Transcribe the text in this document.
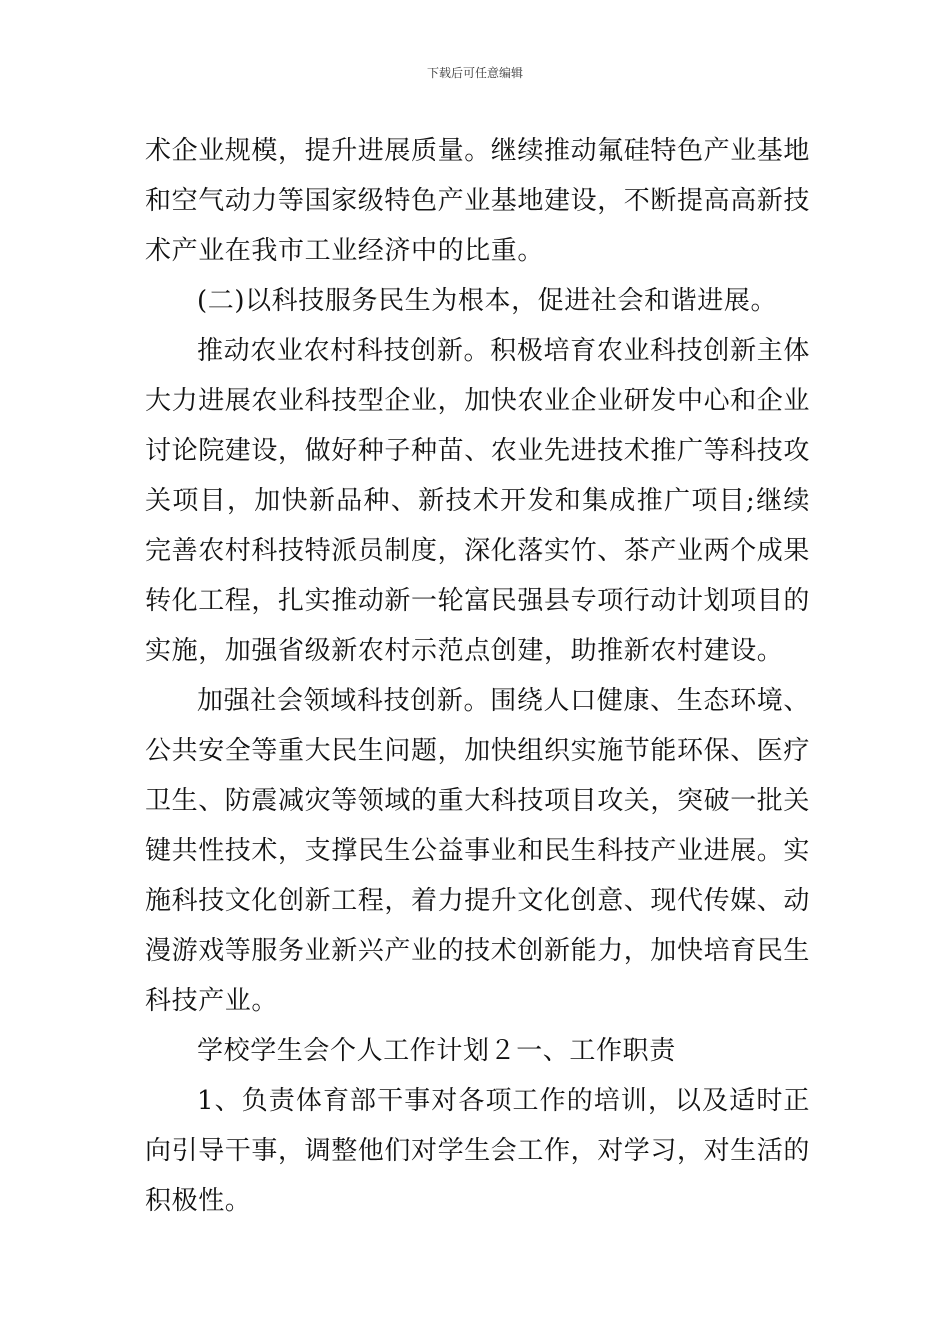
下载后可任意编辑

术企业规模，提升进展质量。继续推动氟硅特色产业基地和空气动力等国家级特色产业基地建设，不断提高高新技术产业在我市工业经济中的比重。

(二)以科技服务民生为根本，促进社会和谐进展。

推动农业农村科技创新。积极培育农业科技创新主体大力进展农业科技型企业，加快农业企业研发中心和企业讨论院建设，做好种子种苗、农业先进技术推广等科技攻关项目，加快新品种、新技术开发和集成推广项目;继续完善农村科技特派员制度，深化落实竹、茶产业两个成果转化工程，扎实推动新一轮富民强县专项行动计划项目的实施，加强省级新农村示范点创建，助推新农村建设。

加强社会领域科技创新。围绕人口健康、生态环境、公共安全等重大民生问题，加快组织实施节能环保、医疗卫生、防震减灾等领域的重大科技项目攻关，突破一批关键共性技术，支撑民生公益事业和民生科技产业进展。实施科技文化创新工程，着力提升文化创意、现代传媒、动漫游戏等服务业新兴产业的技术创新能力，加快培育民生科技产业。

学校学生会个人工作计划２一、工作职责

1、负责体育部干事对各项工作的培训，以及适时正向引导干事，调整他们对学生会工作，对学习，对生活的积极性。
